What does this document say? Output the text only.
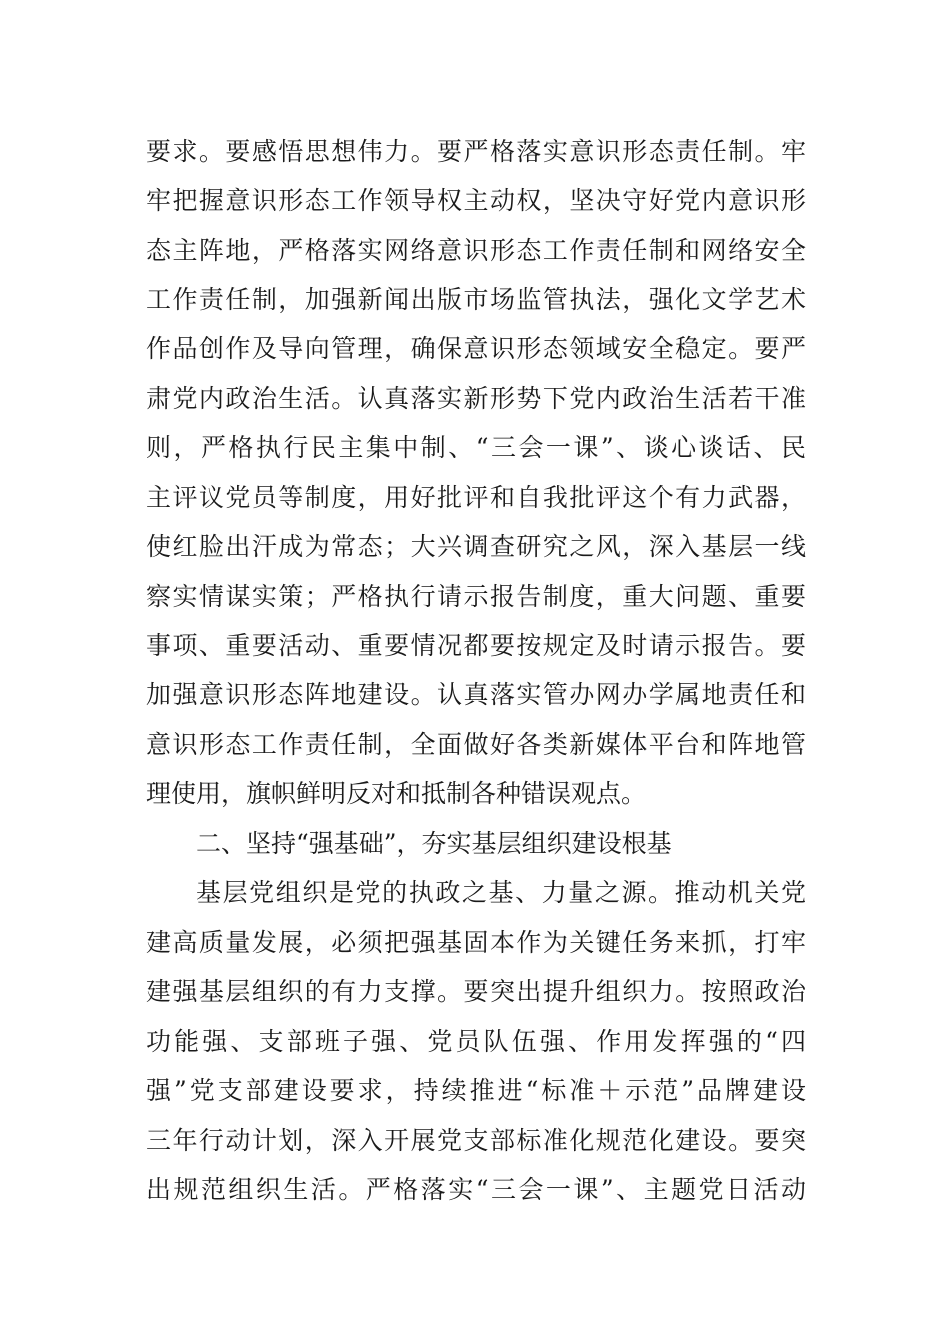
要求。要感悟思想伟力。要严格落实意识形态责任制。牢
牢把握意识形态工作领导权主动权，坚决守好党内意识形
态主阵地，严格落实网络意识形态工作责任制和网络安全
工作责任制，加强新闻出版市场监管执法，强化文学艺术
作品创作及导向管理，确保意识形态领域安全稳定。要严
肃党内政治生活。认真落实新形势下党内政治生活若干准
则，严格执行民主集中制、“三会一课”、谈心谈话、民
主评议党员等制度，用好批评和自我批评这个有力武器，
使红脸出汗成为常态；大兴调查研究之风，深入基层一线
察实情谋实策；严格执行请示报告制度，重大问题、重要
事项、重要活动、重要情况都要按规定及时请示报告。要
加强意识形态阵地建设。认真落实管办网办学属地责任和
意识形态工作责任制，全面做好各类新媒体平台和阵地管
理使用，旗帜鲜明反对和抵制各种错误观点。
二、坚持“强基础”，夯实基层组织建设根基
基层党组织是党的执政之基、力量之源。推动机关党
建高质量发展，必须把强基固本作为关键任务来抓，打牢
建强基层组织的有力支撑。要突出提升组织力。按照政治
功能强、支部班子强、党员队伍强、作用发挥强的“四
强”党支部建设要求，持续推进“标准＋示范”品牌建设
三年行动计划，深入开展党支部标准化规范化建设。要突
出规范组织生活。严格落实“三会一课”、主题党日活动
